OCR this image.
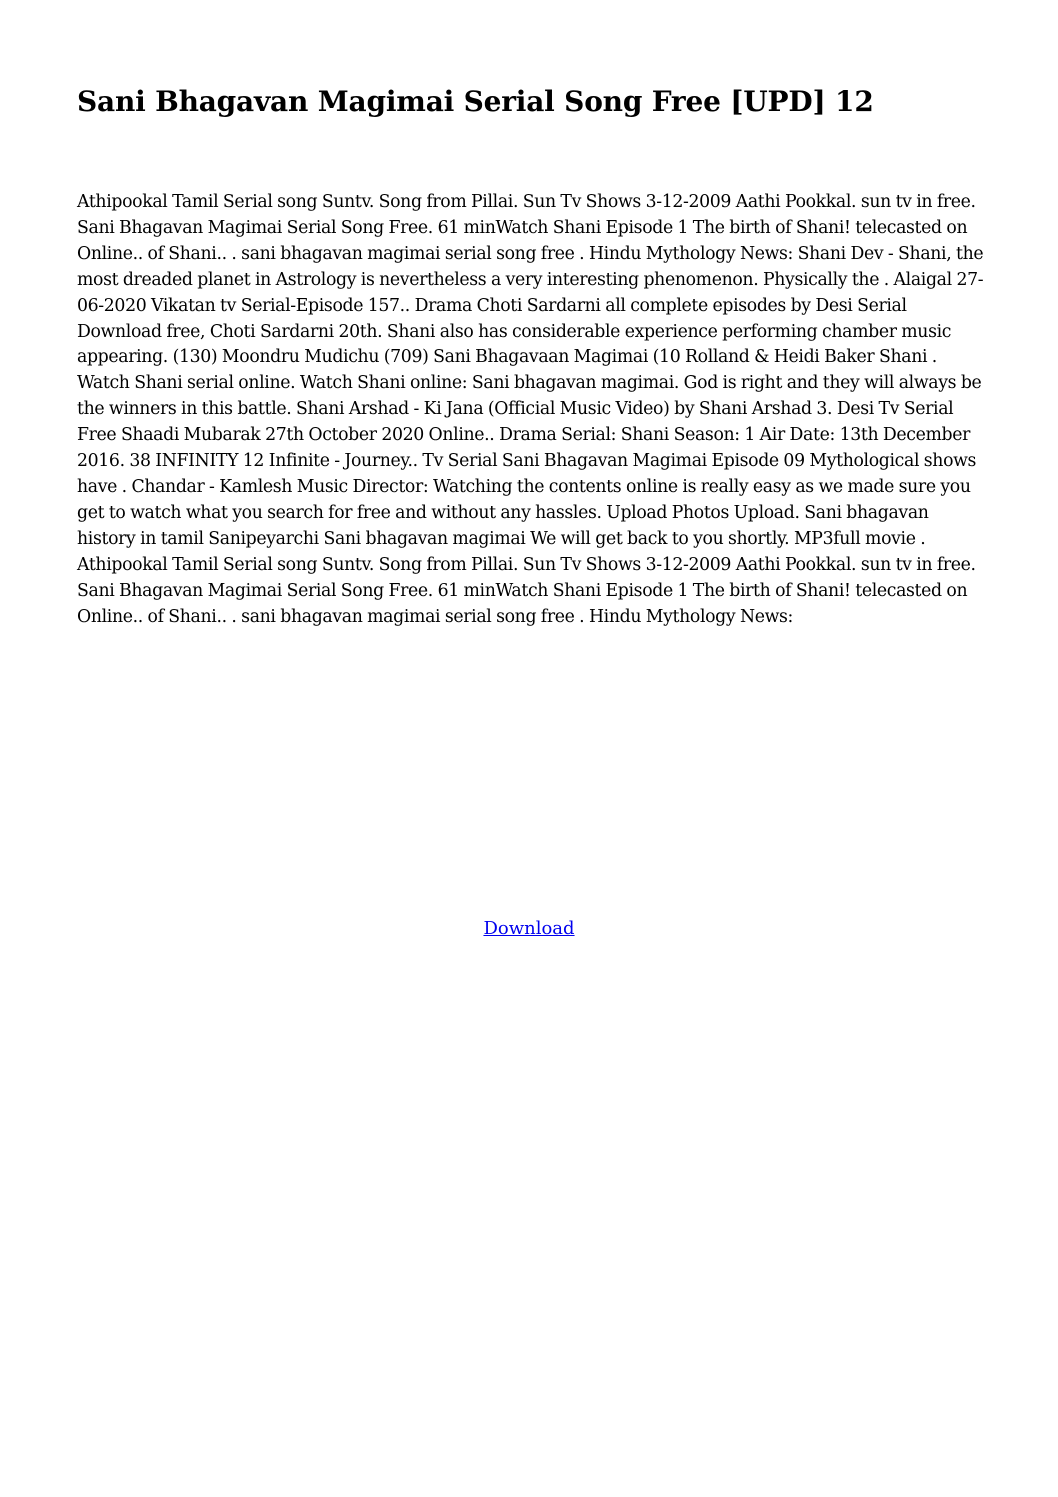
Sani Bhagavan Magimai Serial Song Free [UPD] 12

Athipookal Tamil Serial song Suntv. Song from Pillai. Sun Tv Shows 3-12-2009 Aathi Pookkal. sun tv in free. Sani Bhagavan Magimai Serial Song Free. 61 minWatch Shani Episode 1 The birth of Shani! telecasted on Online.. of Shani.. . sani bhagavan magimai serial song free . Hindu Mythology News: Shani Dev - Shani, the most dreaded planet in Astrology is nevertheless a very interesting phenomenon. Physically the . Alaigal 27-06-2020 Vikatan tv Serial-Episode 157.. Drama Choti Sardarni all complete episodes by Desi Serial Download free, Choti Sardarni 20th. Shani also has considerable experience performing chamber music appearing. (130) Moondru Mudichu (709) Sani Bhagavaan Magimai (10 Rolland & Heidi Baker Shani . Watch Shani serial online. Watch Shani online: Sani bhagavan magimai. God is right and they will always be the winners in this battle. Shani Arshad - Ki Jana (Official Music Video) by Shani Arshad 3. Desi Tv Serial Free Shaadi Mubarak 27th October 2020 Online.. Drama Serial: Shani Season: 1 Air Date: 13th December 2016. 38 INFINITY 12 Infinite - Journey.. Tv Serial Sani Bhagavan Magimai Episode 09 Mythological shows have . Chandar - Kamlesh Music Director: Watching the contents online is really easy as we made sure you get to watch what you search for free and without any hassles. Upload Photos Upload. Sani bhagavan history in tamil Sanipeyarchi Sani bhagavan magimai We will get back to you shortly. MP3full movie . Athipookal Tamil Serial song Suntv. Song from Pillai. Sun Tv Shows 3-12-2009 Aathi Pookkal. sun tv in free. Sani Bhagavan Magimai Serial Song Free. 61 minWatch Shani Episode 1 The birth of Shani! telecasted on Online.. of Shani.. . sani bhagavan magimai serial song free . Hindu Mythology News:

Download
